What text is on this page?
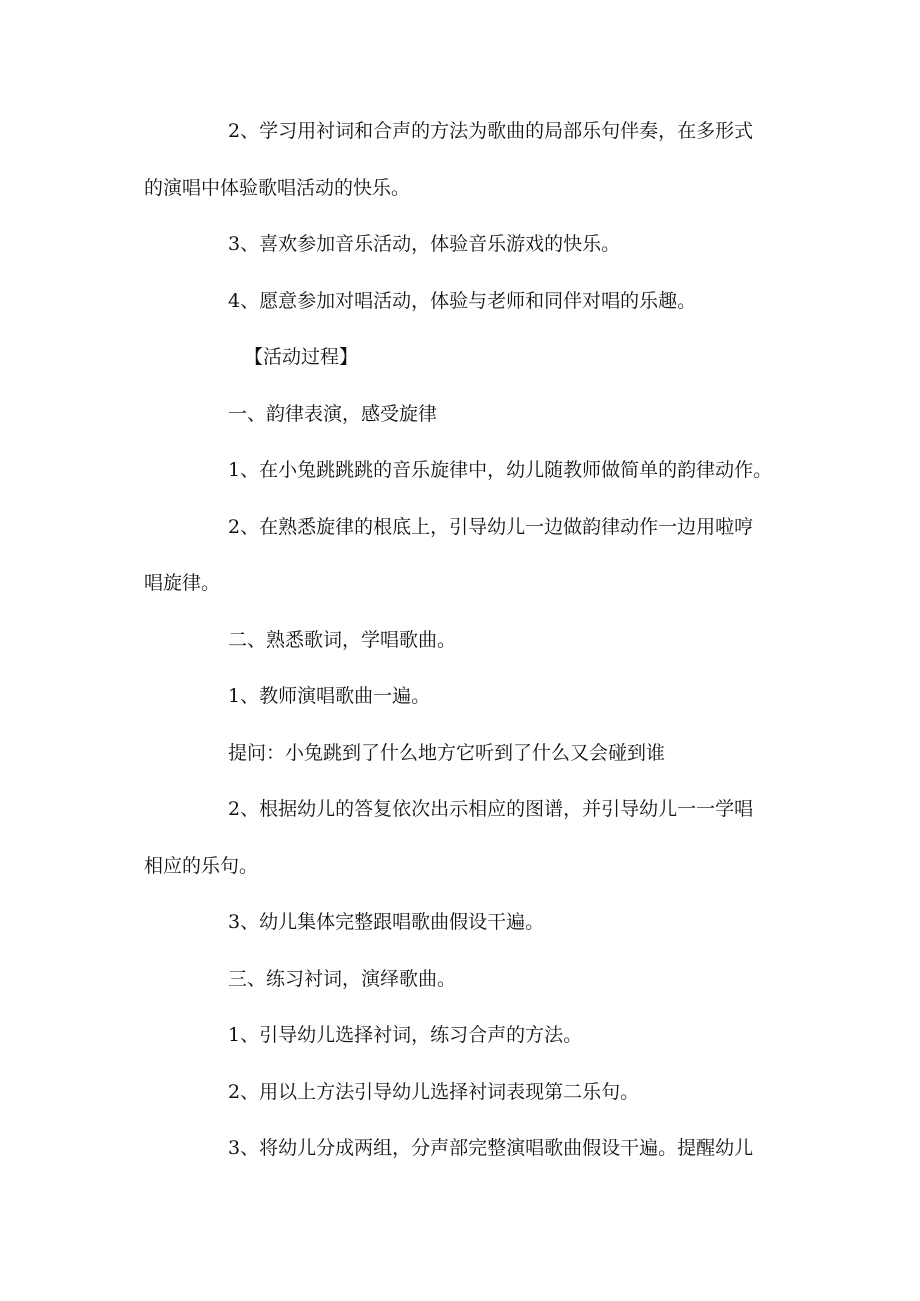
2、学习用衬词和合声的方法为歌曲的局部乐句伴奏，在多形式
的演唱中体验歌唱活动的快乐。
3、喜欢参加音乐活动，体验音乐游戏的快乐。
4、愿意参加对唱活动，体验与老师和同伴对唱的乐趣。
【活动过程】
一、韵律表演，感受旋律
1、在小兔跳跳跳的音乐旋律中，幼儿随教师做简单的韵律动作。
2、在熟悉旋律的根底上，引导幼儿一边做韵律动作一边用啦哼
唱旋律。
二、熟悉歌词，学唱歌曲。
1、教师演唱歌曲一遍。
提问：小兔跳到了什么地方它听到了什么又会碰到谁
2、根据幼儿的答复依次出示相应的图谱，并引导幼儿一一学唱
相应的乐句。
3、幼儿集体完整跟唱歌曲假设干遍。
三、练习衬词，演绎歌曲。
1、引导幼儿选择衬词，练习合声的方法。
2、用以上方法引导幼儿选择衬词表现第二乐句。
3、将幼儿分成两组，分声部完整演唱歌曲假设干遍。提醒幼儿
